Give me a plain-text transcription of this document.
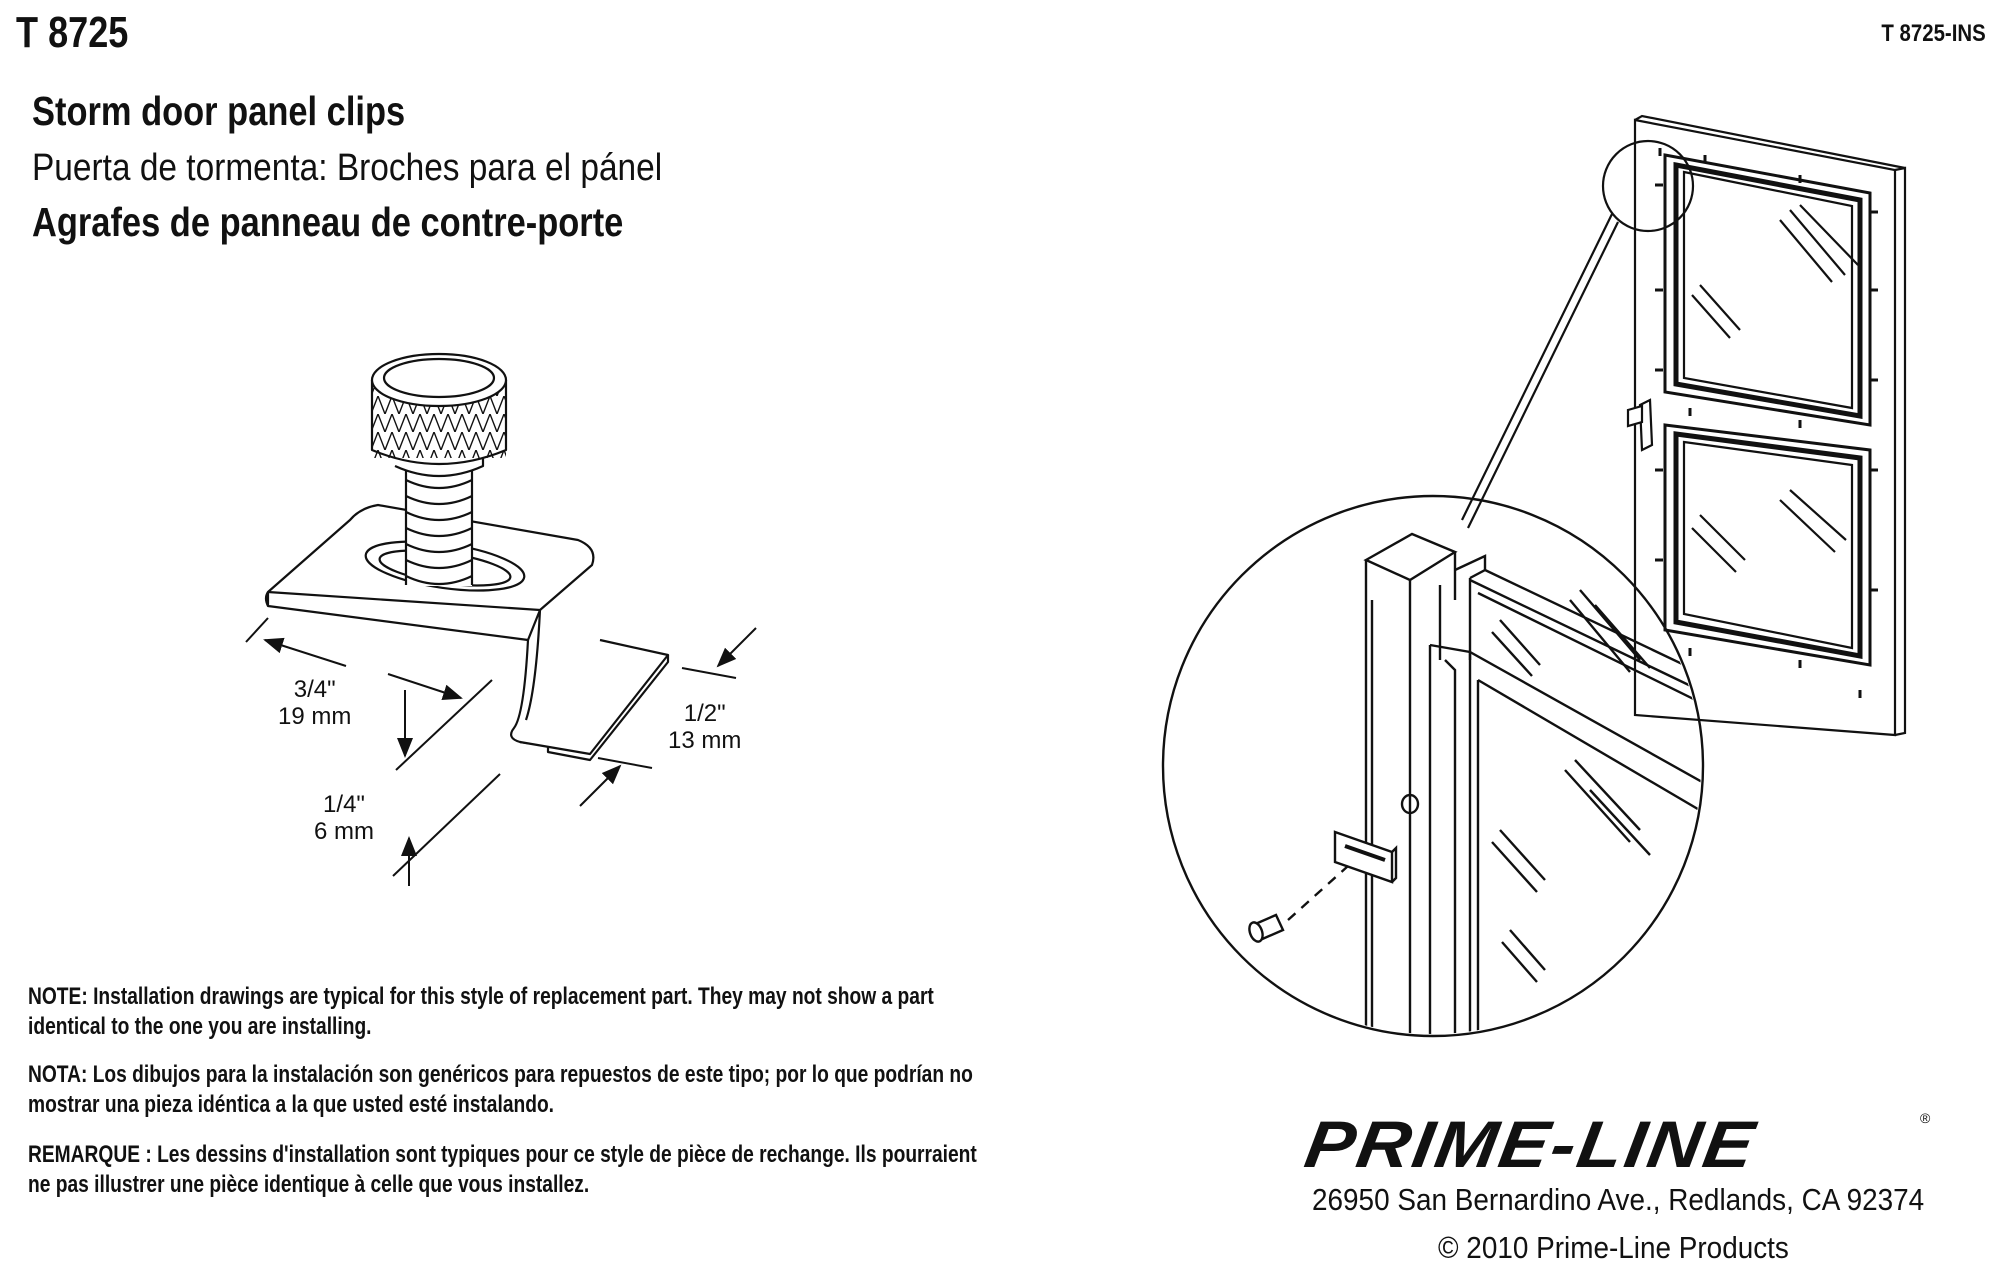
T 8725	T 8725-INS
Storm door panel clips
Puerta de tormenta: Broches para el pánel
Agrafes de panneau de contre-porte
3/4"
19 mm	1/2"
13 mm
1/4"
6 mm
NOTE: Installation drawings are typical for this style of replacement part. They may not show a part identical to the one you are installing.
NOTA: Los dibujos para la instalación son genéricos para repuestos de este tipo; por lo que podrían no mostrar una pieza idéntica a la que usted esté instalando.
REMARQUE : Les dessins d'installation sont typiques pour ce style de pièce de rechange. Ils pourraient ne pas illustrer une pièce identique à celle que vous installez.
PRIME-LINE	®
26950 San Bernardino Ave., Redlands, CA 92374
© 2010 Prime-Line Products
